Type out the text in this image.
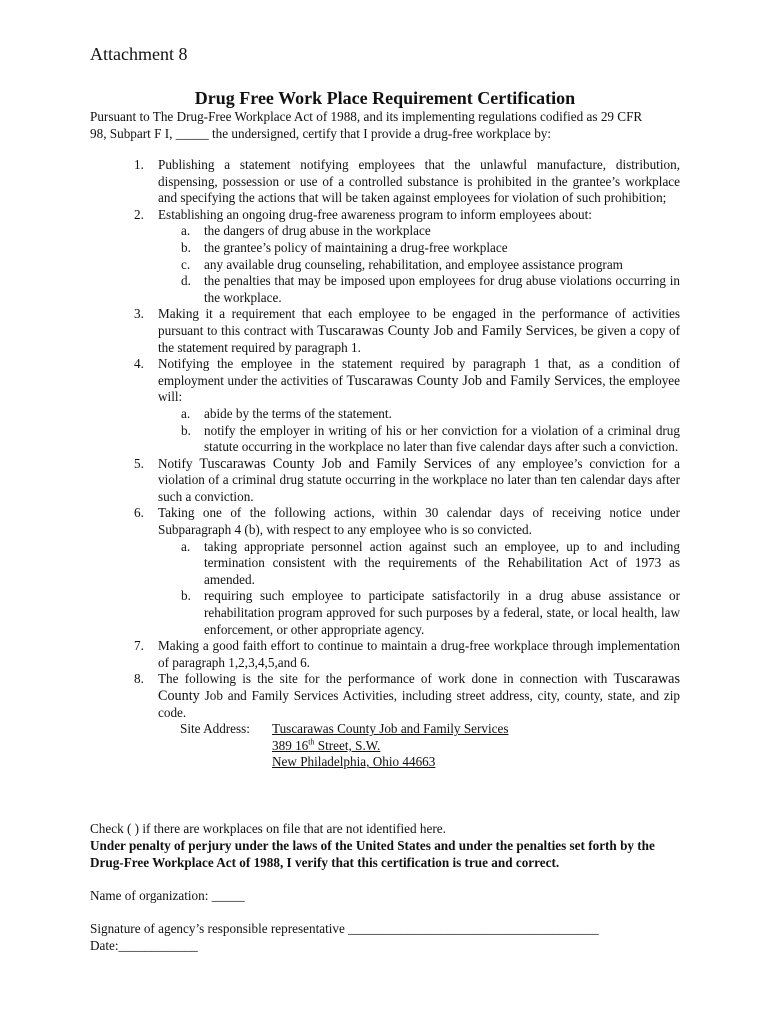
Attachment 8
Drug Free Work Place Requirement Certification
Pursuant to The Drug-Free Workplace Act of 1988, and its implementing regulations codified as 29 CFR
98, Subpart F I, _____ the undersigned, certify that I provide a drug-free workplace by:
1. Publishing a statement notifying employees that the unlawful manufacture, distribution, dispensing, possession or use of a controlled substance is prohibited in the grantee’s workplace and specifying the actions that will be taken against employees for violation of such prohibition;
2. Establishing an ongoing drug-free awareness program to inform employees about:
a. the dangers of drug abuse in the workplace
b. the grantee’s policy of maintaining a drug-free workplace
c. any available drug counseling, rehabilitation, and employee assistance program
d. the penalties that may be imposed upon employees for drug abuse violations occurring in the workplace.
3. Making it a requirement that each employee to be engaged in the performance of activities pursuant to this contract with Tuscarawas County Job and Family Services, be given a copy of the statement required by paragraph 1.
4. Notifying the employee in the statement required by paragraph 1 that, as a condition of employment under the activities of Tuscarawas County Job and Family Services, the employee will:
a. abide by the terms of the statement.
b. notify the employer in writing of his or her conviction for a violation of a criminal drug statute occurring in the workplace no later than five calendar days after such a conviction.
5. Notify Tuscarawas County Job and Family Services of any employee’s conviction for a violation of a criminal drug statute occurring in the workplace no later than ten calendar days after such a conviction.
6. Taking one of the following actions, within 30 calendar days of receiving notice under Subparagraph 4 (b), with respect to any employee who is so convicted.
a. taking appropriate personnel action against such an employee, up to and including termination consistent with the requirements of the Rehabilitation Act of 1973 as amended.
b. requiring such employee to participate satisfactorily in a drug abuse assistance or rehabilitation program approved for such purposes by a federal, state, or local health, law enforcement, or other appropriate agency.
7. Making a good faith effort to continue to maintain a drug-free workplace through implementation of paragraph 1,2,3,4,5,and 6.
8. The following is the site for the performance of work done in connection with Tuscarawas County Job and Family Services Activities, including street address, city, county, state, and zip code.
Site Address: Tuscarawas County Job and Family Services
389 16th Street, S.W.
New Philadelphia, Ohio 44663
Check ( ) if there are workplaces on file that are not identified here.
Under penalty of perjury under the laws of the United States and under the penalties set forth by the Drug-Free Workplace Act of 1988, I verify that this certification is true and correct.
Name of organization: _____
Signature of agency’s responsible representative ______________________________________
Date:____________
